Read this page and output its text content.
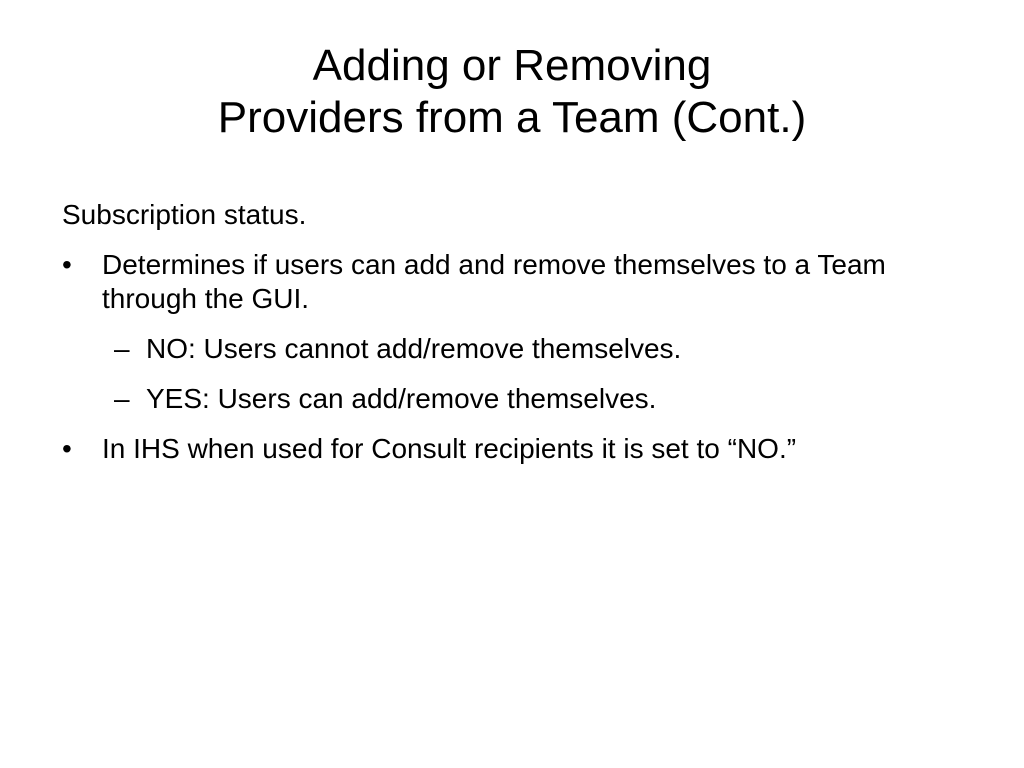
Adding or Removing
Providers from a Team (Cont.)

Subscription status.

• Determines if users can add and remove themselves to a Team through the GUI.
– NO: Users cannot add/remove themselves.
– YES: Users can add/remove themselves.
• In IHS when used for Consult recipients it is set to “NO.”
